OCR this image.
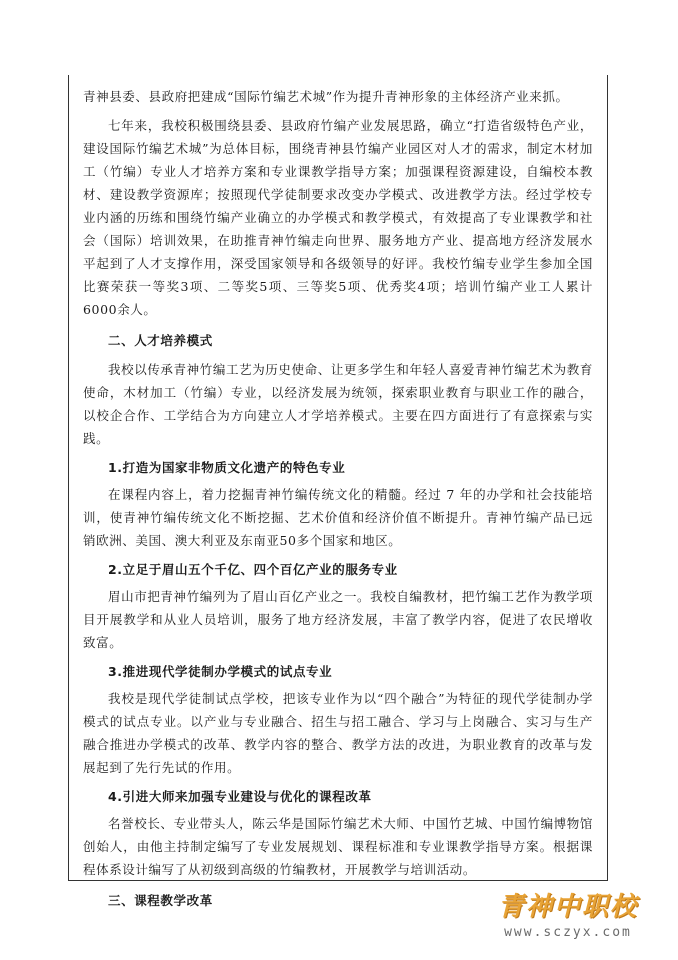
青神县委、县政府把建成“国际竹编艺术城”作为提升青神形象的主体经济产业来抓。

七年来，我校积极围绕县委、县政府竹编产业发展思路，确立“打造省级特色产业，建设国际竹编艺术城”为总体目标，围绕青神县竹编产业园区对人才的需求，制定木材加工（竹编）专业人才培养方案和专业课教学指导方案；加强课程资源建设，自编校本教材、建设教学资源库；按照现代学徒制要求改变办学模式、改进教学方法。经过学校专业内涵的历练和围绕竹编产业确立的办学模式和教学模式，有效提高了专业课教学和社会（国际）培训效果，在助推青神竹编走向世界、服务地方产业、提高地方经济发展水平起到了人才支撑作用，深受国家领导和各级领导的好评。我校竹编专业学生参加全国比赛荣获一等奖3项、二等奖5项、三等奖5项、优秀奖4项；培训竹编产业工人累计6000余人。

二、人才培养模式

我校以传承青神竹编工艺为历史使命、让更多学生和年轻人喜爱青神竹编艺术为教育使命，木材加工（竹编）专业，以经济发展为统领，探索职业教育与职业工作的融合，以校企合作、工学结合为方向建立人才学培养模式。主要在四方面进行了有意探索与实践。

1.打造为国家非物质文化遗产的特色专业

在课程内容上，着力挖掘青神竹编传统文化的精髓。经过 7 年的办学和社会技能培训，使青神竹编传统文化不断挖掘、艺术价值和经济价值不断提升。青神竹编产品已远销欧洲、美国、澳大利亚及东南亚50多个国家和地区。

2.立足于眉山五个千亿、四个百亿产业的服务专业

眉山市把青神竹编列为了眉山百亿产业之一。我校自编教材，把竹编工艺作为教学项目开展教学和从业人员培训，服务了地方经济发展，丰富了教学内容，促进了农民增收致富。

3.推进现代学徒制办学模式的试点专业

我校是现代学徒制试点学校，把该专业作为以“四个融合”为特征的现代学徒制办学模式的试点专业。以产业与专业融合、招生与招工融合、学习与上岗融合、实习与生产融合推进办学模式的改革、教学内容的整合、教学方法的改进，为职业教育的改革与发展起到了先行先试的作用。

4.引进大师来加强专业建设与优化的课程改革

名誉校长、专业带头人，陈云华是国际竹编艺术大师、中国竹艺城、中国竹编博物馆创始人，由他主持制定编写了专业发展规划、课程标准和专业课教学指导方案。根据课程体系设计编写了从初级到高级的竹编教材，开展教学与培训活动。

三、课程教学改革	青神中职校
www.sczyx.com
